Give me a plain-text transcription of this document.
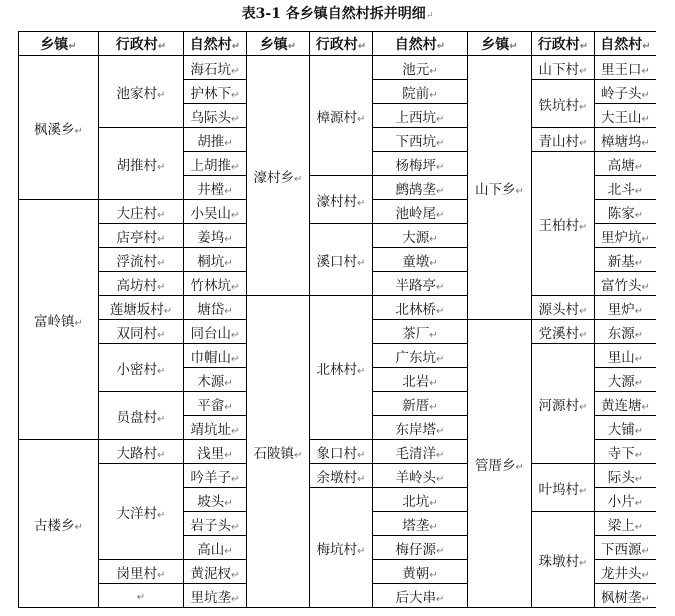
表3-1 各乡镇自然村拆并明细↵
乡镇↵	行政村↵	自然村↵	乡镇↵	行政村↵	自然村↵	乡镇↵	行政村↵	自然村↵
枫溪乡↵	池家村↵	海石坑↵	濠村乡↵	樟源村↵	池元↵	山下乡↵	山下村↵	里王口↵
		护林下↵			院前↵		铁坑村↵	岭子头↵
		乌际头↵			上西坑↵			大王山↵
	胡推村↵	胡推↵			下西坑↵		青山村↵	樟塘坞↵
		上胡推↵			杨梅坪↵		王柏村↵	高塘↵
		井樘↵		濠村村↵	鹧鸪垄↵			北斗↵
富岭镇↵	大庄村↵	小吴山↵			池岭尾↵			陈家↵
	店亭村↵	姜坞↵		溪口村↵	大源↵			里炉坑↵
	浮流村↵	桐坑↵			童墩↵			新基↵
	高坊村↵	竹林坑↵			半路亭↵			富竹头↵
	莲塘坂村↵	塘岱↵	石陂镇↵	北林村↵	北林桥↵		源头村↵	里炉↵
	双同村↵	同台山↵			茶厂↵	管厝乡↵	党溪村↵	东源↵
	小密村↵	巾帽山↵			广东坑↵		河源村↵	里山↵
		木源↵			北岩↵			大源↵
	员盘村↵	平畲↵			新厝↵			黄连塘↵
		靖坑址↵			东岸塔↵			大铺↵
古楼乡↵	大路村↵	浅里↵		象口村↵	毛清洋↵			寺下↵
	大洋村↵	吟羊子↵		余墩村↵	羊岭头↵		叶坞村↵	际头↵
		坡头↵		梅坑村↵	北坑↵			小片↵
		岩子头↵			塔垄↵		珠墩村↵	梁上↵
		高山↵			梅仔源↵			下西源↵
	岗里村↵	黄泥杈↵			黄朝↵			龙井头↵
	↵	里坑垄↵			后大串↵			枫树垄↵
